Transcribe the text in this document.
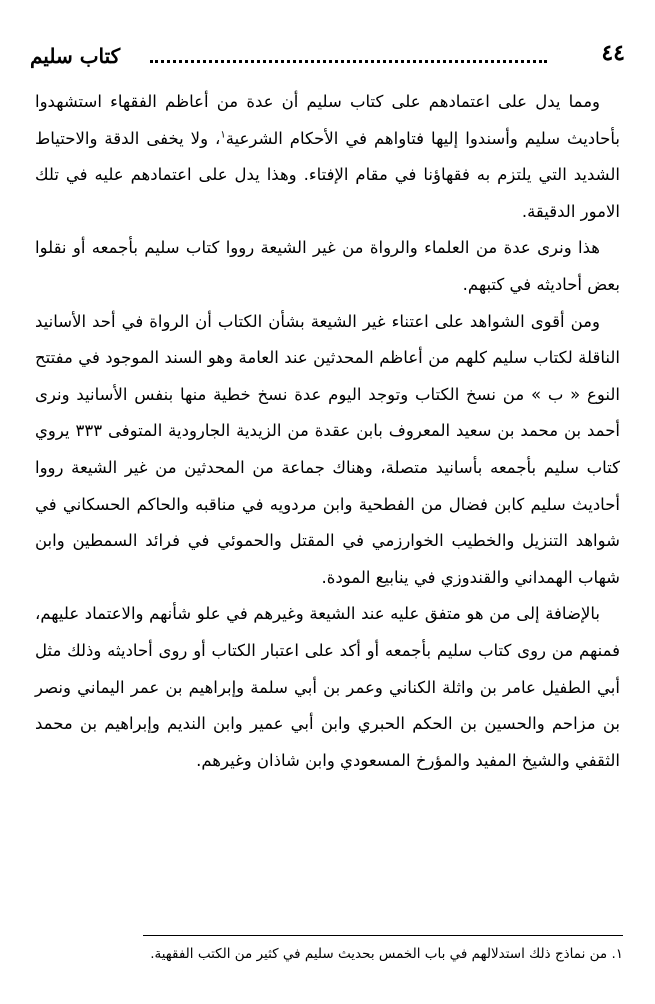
كتاب سليم	٤٤

ومما يدل على اعتمادهم على كتاب سليم أن عدة من أعاظم الفقهاء استشهدوا بأحاديث سليم وأسندوا إليها فتاواهم في الأحكام الشرعية$^١$، ولا يخفى الدقة والاحتياط الشديد التي يلتزم به فقهاؤنا في مقام الإفتاء. وهذا يدل على اعتمادهم عليه في تلك الامور الدقيقة.

هذا ونرى عدة من العلماء والرواة من غير الشيعة رووا كتاب سليم بأجمعه أو نقلوا بعض أحاديثه في كتبهم.

ومن أقوى الشواهد على اعتناء غير الشيعة بشأن الكتاب أن الرواة في أحد الأسانيد الناقلة لكتاب سليم كلهم من أعاظم المحدثين عند العامة وهو السند الموجود في مفتتح النوع « ب » من نسخ الكتاب وتوجد اليوم عدة نسخ خطية منها بنفس الأسانيد ونرى أحمد بن محمد بن سعيد المعروف بابن عقدة من الزيدية الجارودية المتوفى ٣٣٣ يروي كتاب سليم بأجمعه بأسانيد متصلة، وهناك جماعة من المحدثين من غير الشيعة رووا أحاديث سليم كابن فضال من الفطحية وابن مردويه في مناقبه والحاكم الحسكاني في شواهد التنزيل والخطيب الخوارزمي في المقتل والحموئي في فرائد السمطين وابن شهاب الهمداني والقندوزي في ينابيع المودة.

بالإضافة إلى من هو متفق عليه عند الشيعة وغيرهم في علو شأنهم والاعتماد عليهم، فمنهم من روى كتاب سليم بأجمعه أو أكد على اعتبار الكتاب أو روى أحاديثه وذلك مثل أبي الطفيل عامر بن واثلة الكناني وعمر بن أبي سلمة وإبراهيم بن عمر اليماني ونصر بن مزاحم والحسين بن الحكم الحبري وابن أبي عمير وابن النديم وإبراهيم بن محمد الثقفي والشيخ المفيد والمؤرخ المسعودي وابن شاذان وغيرهم.

١. من نماذج ذلك استدلالهم في باب الخمس بحديث سليم في كثير من الكتب الفقهية.
